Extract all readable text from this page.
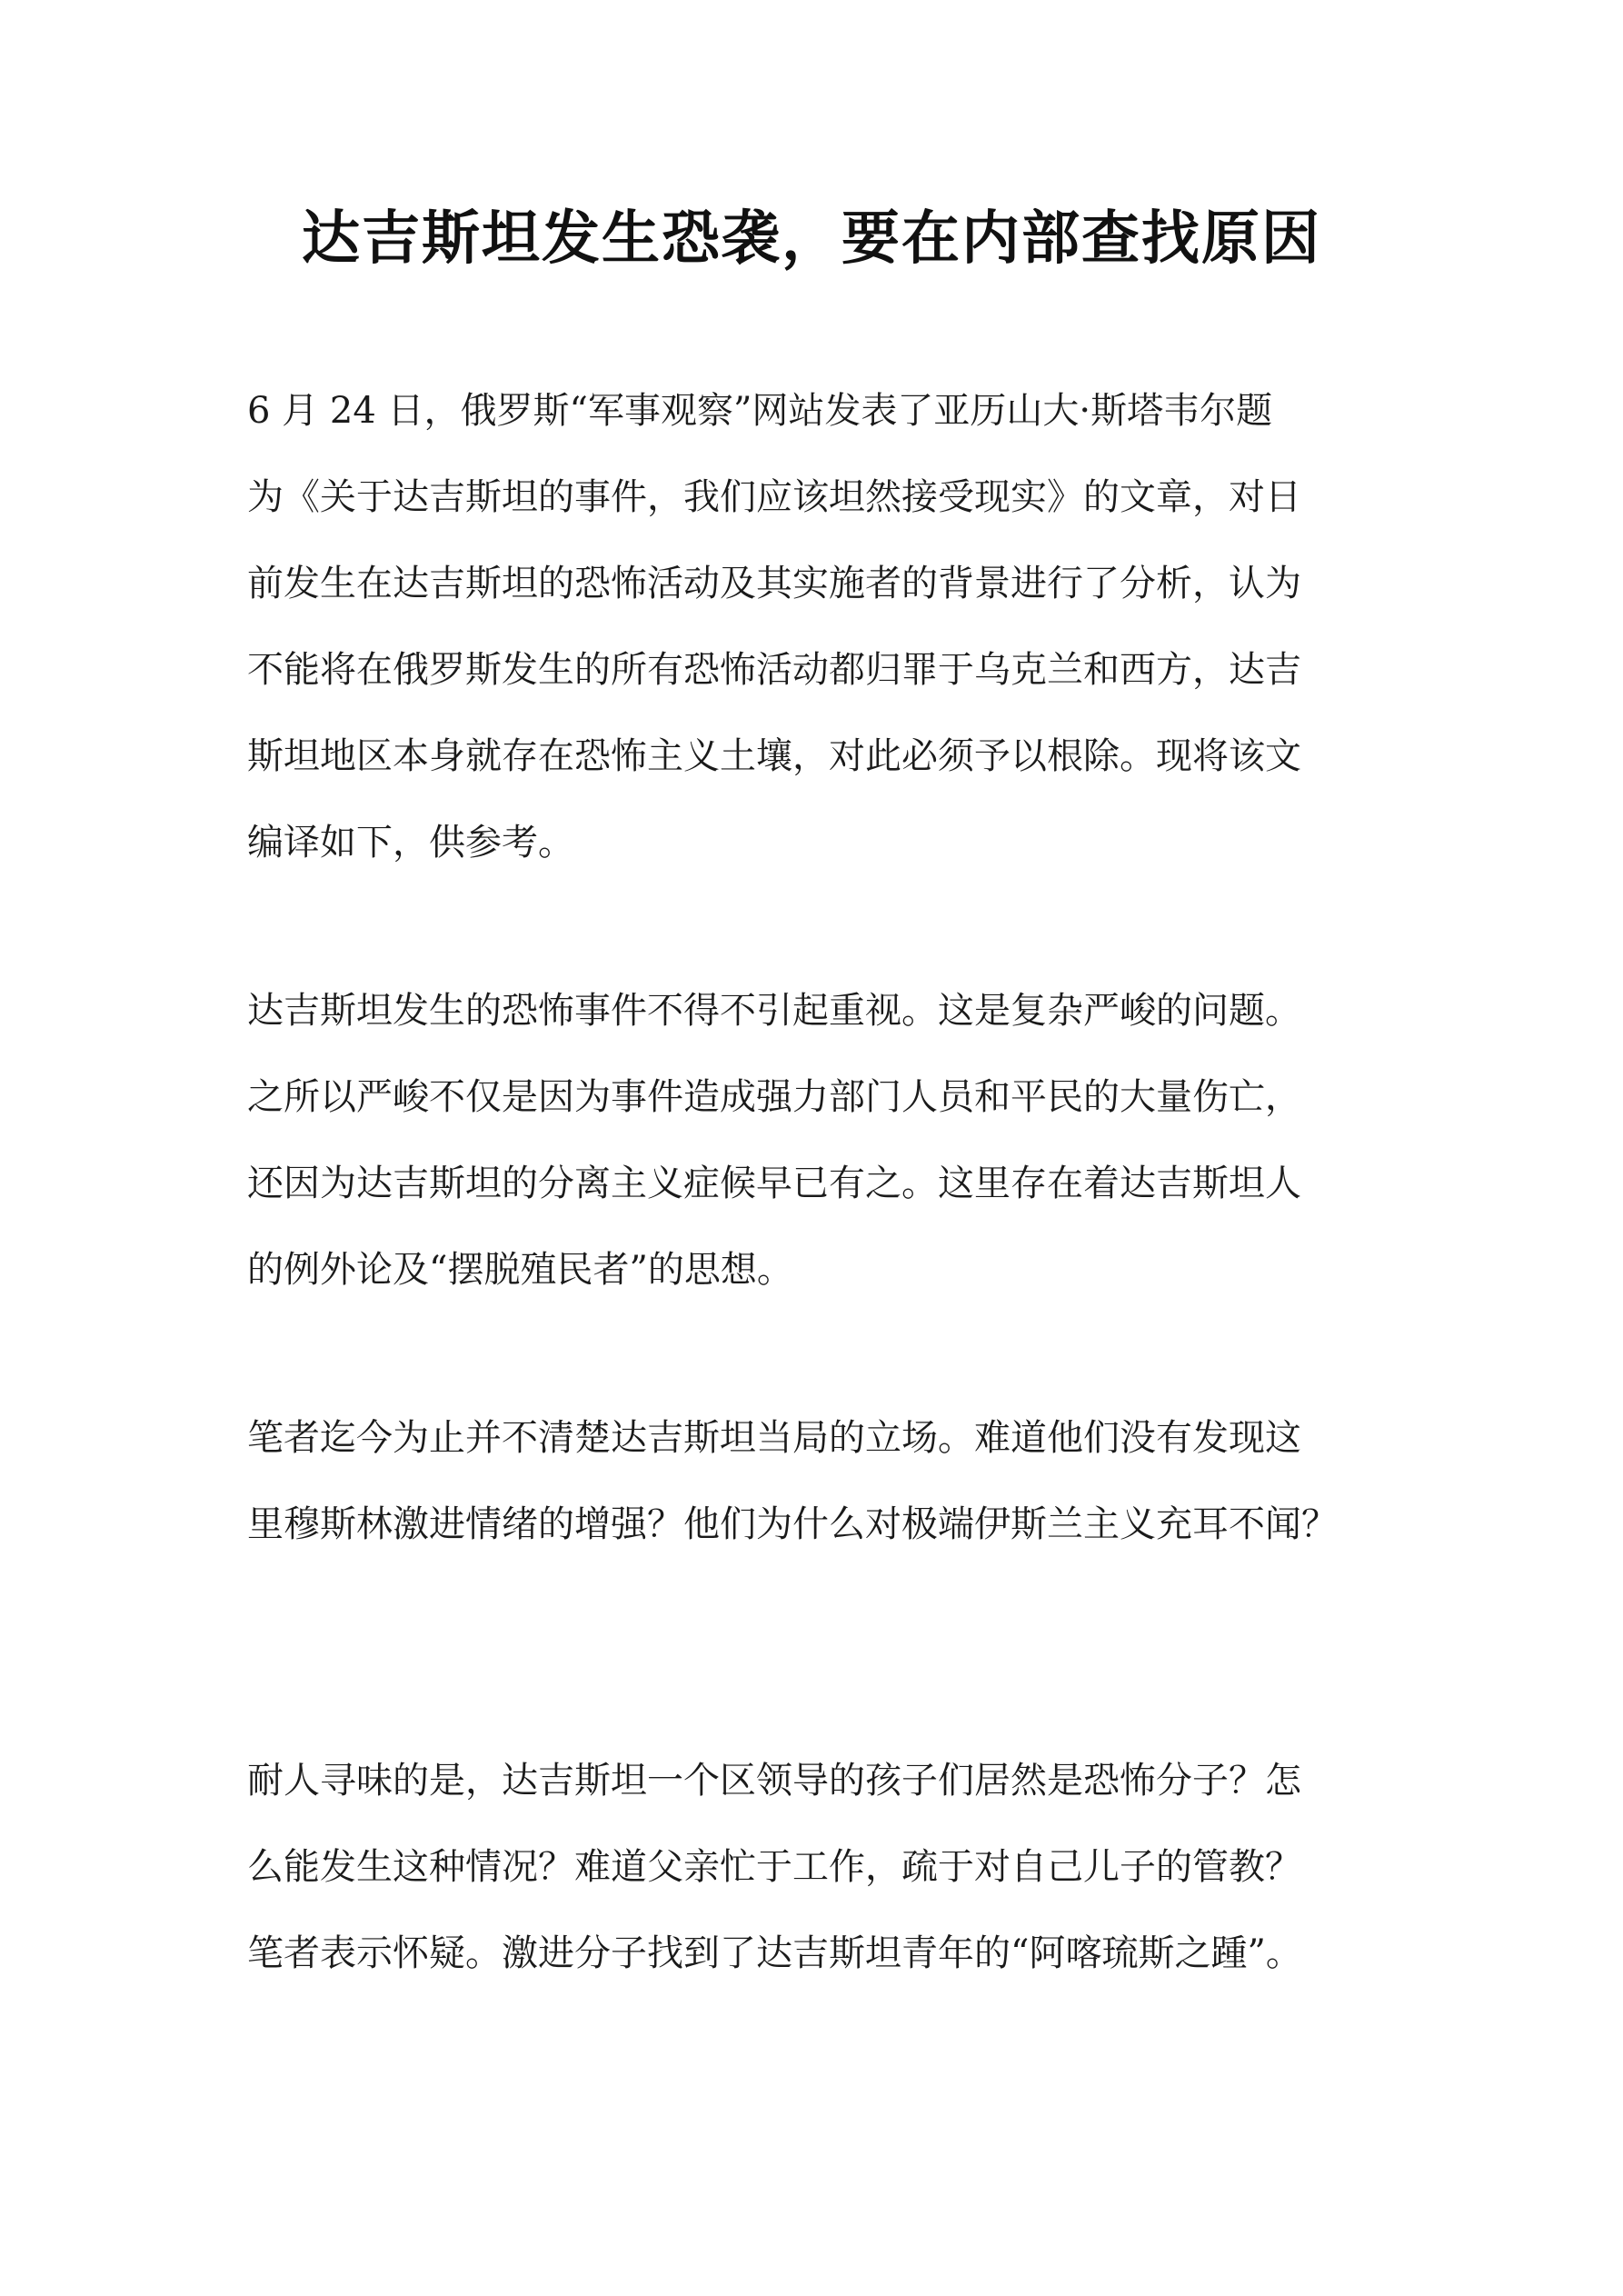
达吉斯坦发生恐袭，要在内部查找原因
6 月 24 日，俄罗斯“军事观察”网站发表了亚历山大·斯塔韦尔题
为《关于达吉斯坦的事件，我们应该坦然接受现实》的文章，对日
前发生在达吉斯坦的恐怖活动及其实施者的背景进行了分析，认为
不能将在俄罗斯发生的所有恐怖活动都归罪于乌克兰和西方，达吉
斯坦地区本身就存在恐怖主义土壤，对此必须予以根除。现将该文
编译如下，供参考。
达吉斯坦发生的恐怖事件不得不引起重视。这是复杂严峻的问题。
之所以严峻不仅是因为事件造成强力部门人员和平民的大量伤亡，
还因为达吉斯坦的分离主义症候早已有之。这里存在着达吉斯坦人
的例外论及“摆脱殖民者”的思想。
笔者迄今为止并不清楚达吉斯坦当局的立场。难道他们没有发现这
里穆斯林激进情绪的增强？他们为什么对极端伊斯兰主义充耳不闻？
耐人寻味的是，达吉斯坦一个区领导的孩子们居然是恐怖分子？怎
么能发生这种情况？难道父亲忙于工作，疏于对自己儿子的管教？
笔者表示怀疑。激进分子找到了达吉斯坦青年的“阿喀琉斯之踵”。
